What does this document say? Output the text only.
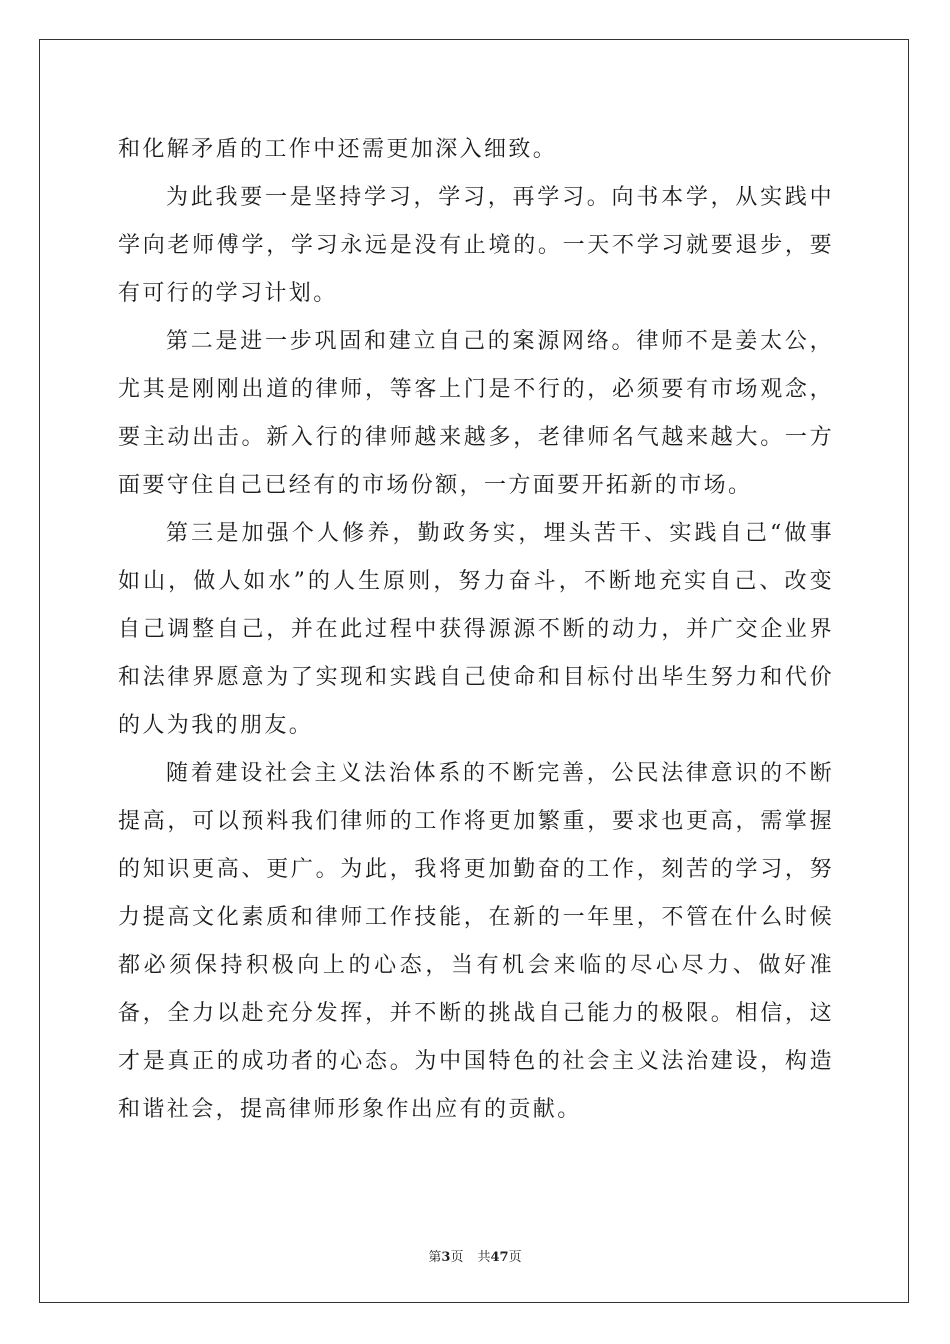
和化解矛盾的工作中还需更加深入细致。

为此我要一是坚持学习，学习，再学习。向书本学，从实践中学向老师傅学，学习永远是没有止境的。一天不学习就要退步，要有可行的学习计划。

第二是进一步巩固和建立自己的案源网络。律师不是姜太公，尤其是刚刚出道的律师，等客上门是不行的，必须要有市场观念，要主动出击。新入行的律师越来越多，老律师名气越来越大。一方面要守住自己已经有的市场份额，一方面要开拓新的市场。

第三是加强个人修养，勤政务实，埋头苦干、实践自己“做事如山，做人如水”的人生原则，努力奋斗，不断地充实自己、改变自己调整自己，并在此过程中获得源源不断的动力，并广交企业界和法律界愿意为了实现和实践自己使命和目标付出毕生努力和代价的人为我的朋友。

随着建设社会主义法治体系的不断完善，公民法律意识的不断提高，可以预料我们律师的工作将更加繁重，要求也更高，需掌握的知识更高、更广。为此，我将更加勤奋的工作，刻苦的学习，努力提高文化素质和律师工作技能，在新的一年里，不管在什么时候都必须保持积极向上的心态，当有机会来临的尽心尽力、做好准备，全力以赴充分发挥，并不断的挑战自己能力的极限。相信，这才是真正的成功者的心态。为中国特色的社会主义法治建设，构造和谐社会，提高律师形象作出应有的贡献。

第3页 共47页
